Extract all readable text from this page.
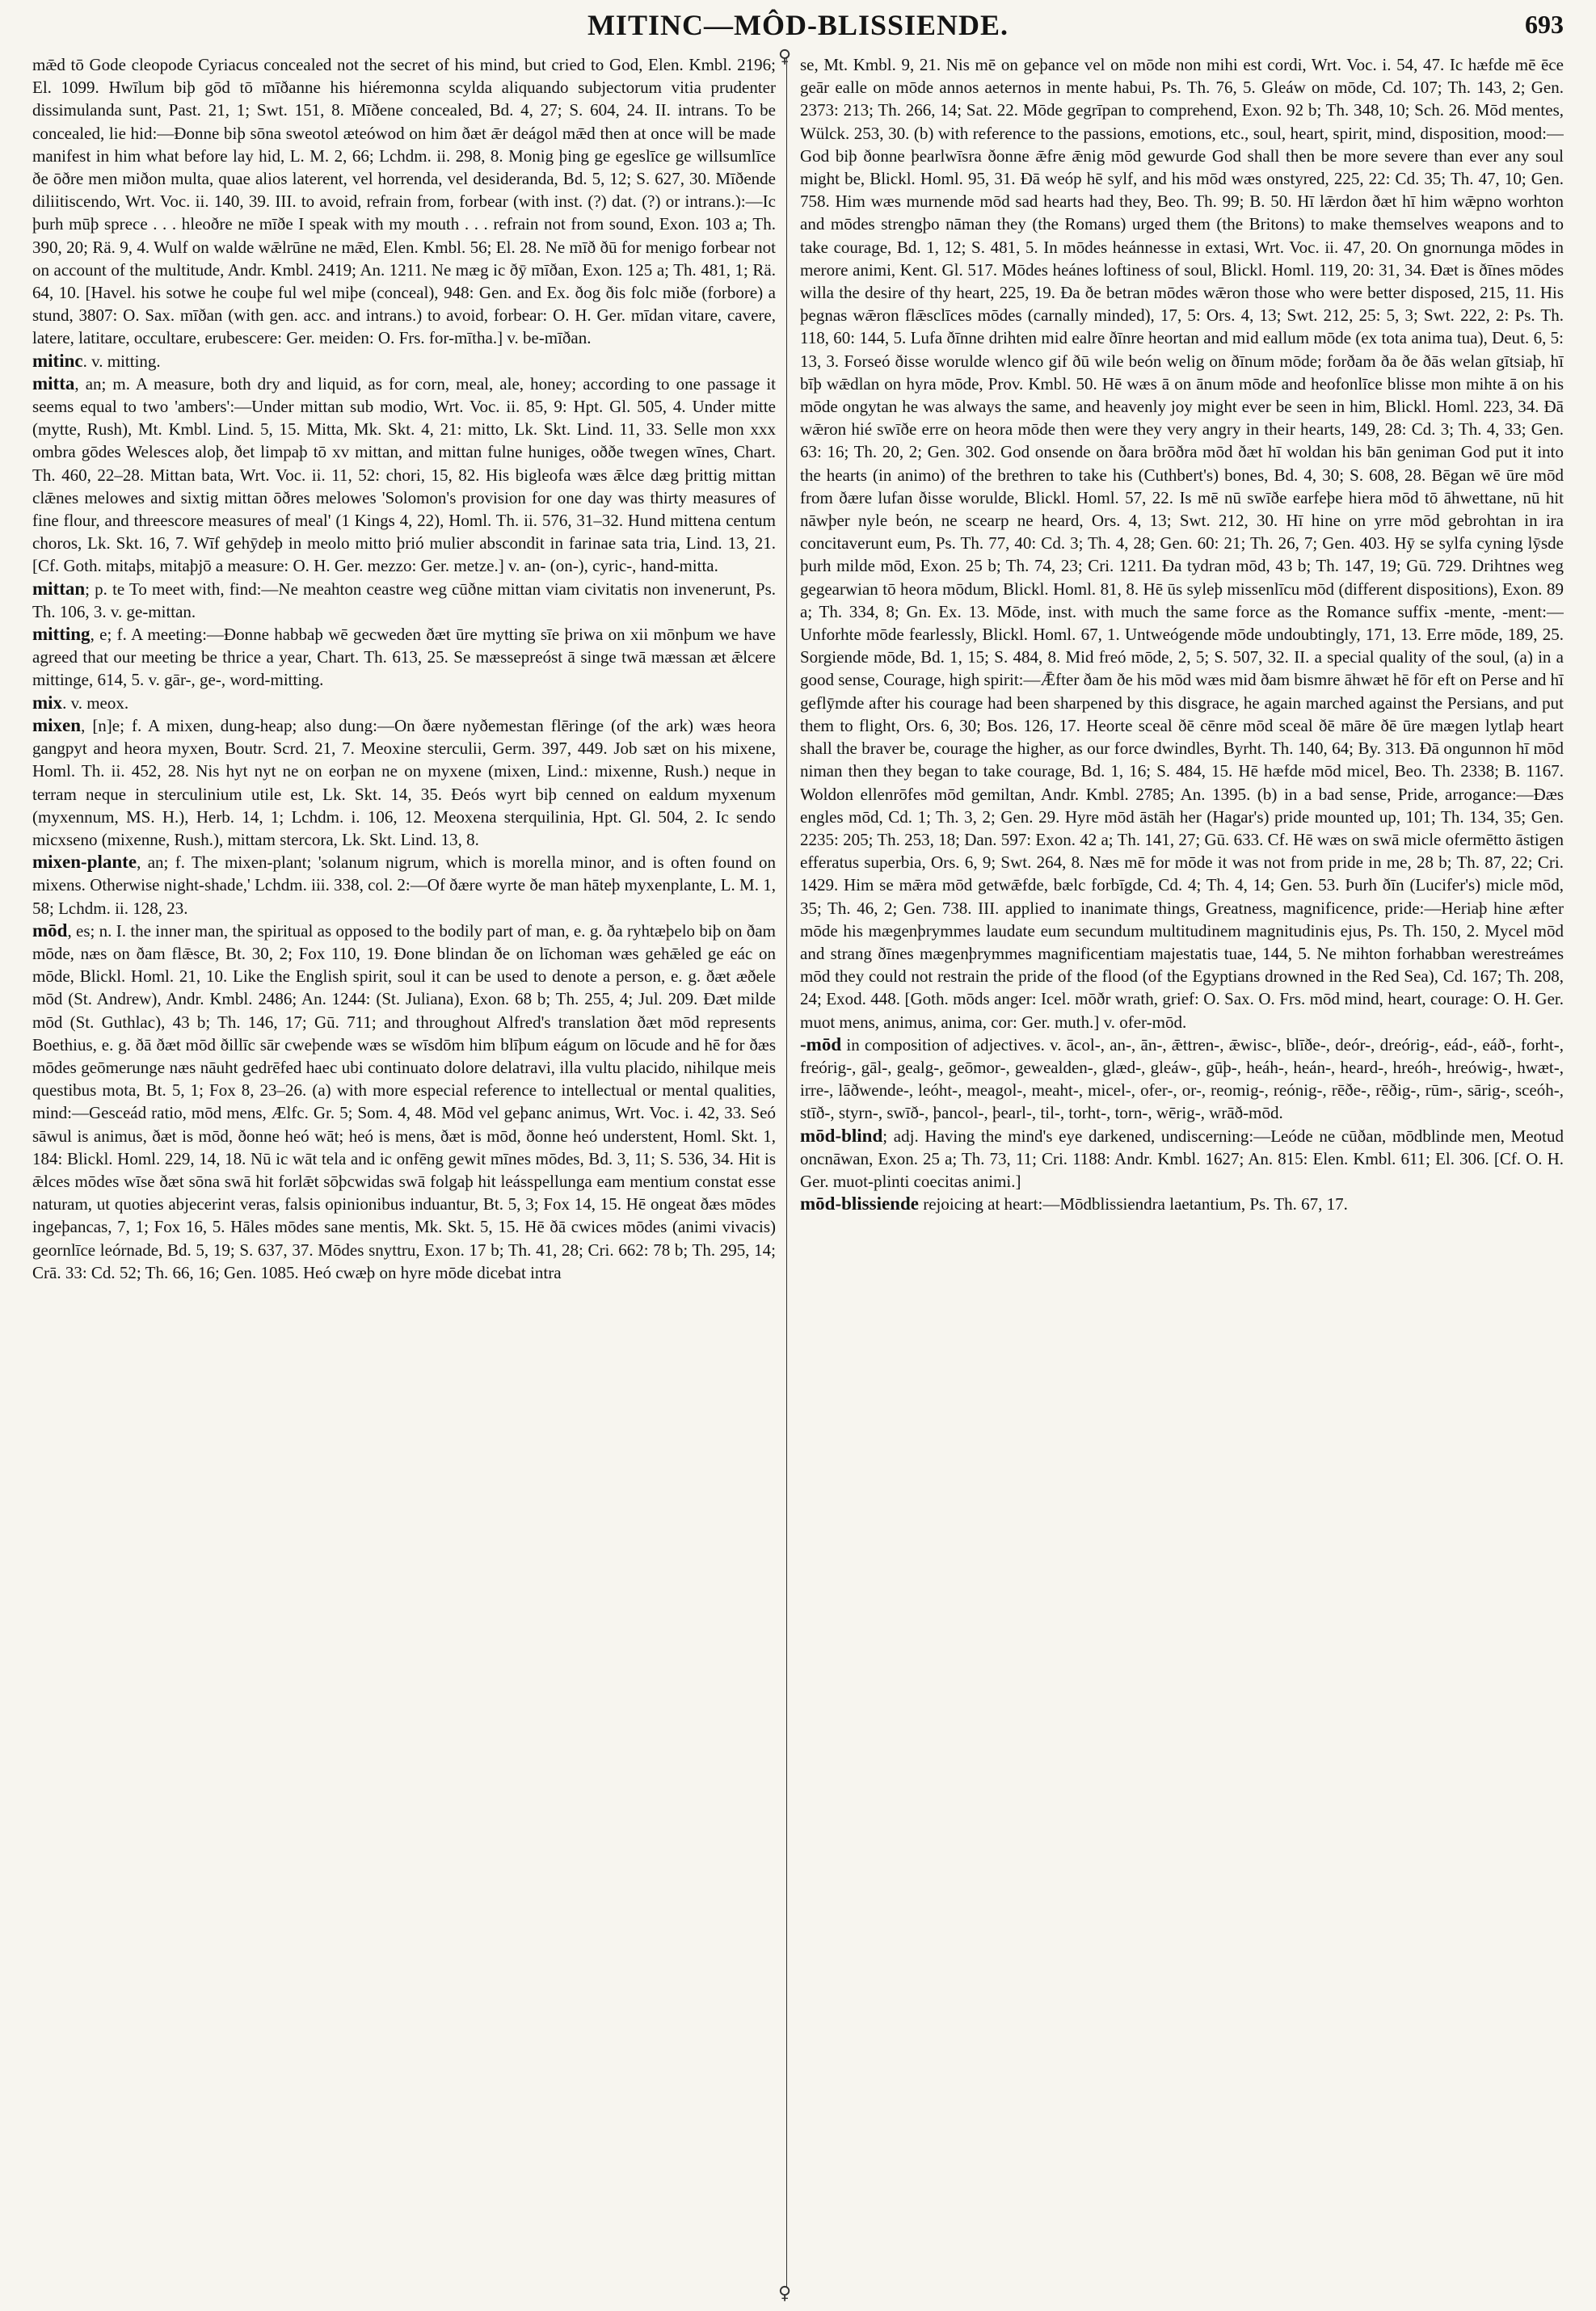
MITINC—MÔD-BLISSIENDE.	693
♀
♀

mǣd tō Gode cleopode Cyriacus concealed not the secret of his mind, but cried to God, Elen. Kmbl. 2196; El. 1099. Hwīlum biþ gōd tō mīðanne his hiéremonna scylda aliquando subjectorum vitia prudenter dissimulanda sunt, Past. 21, 1; Swt. 151, 8. Mīðene concealed, Bd. 4, 27; S. 604, 24. II. intrans. To be concealed, lie hid:—Ðonne biþ sōna sweotol æteówod on him ðæt ǣr deágol mǣd then at once will be made manifest in him what before lay hid, L. M. 2, 66; Lchdm. ii. 298, 8. Monig þing ge egeslīce ge willsumlīce ðe ōðre men miðon multa, quae alios laterent, vel horrenda, vel desideranda, Bd. 5, 12; S. 627, 30. Mīðende diliitiscendo, Wrt. Voc. ii. 140, 39. III. to avoid, refrain from, forbear (with inst. (?) dat. (?) or intrans.):—Ic þurh mūþ sprece . . . hleoðre ne mīðe I speak with my mouth . . . refrain not from sound, Exon. 103 a; Th. 390, 20; Rä. 9, 4. Wulf on walde wǣlrūne ne mǣd, Elen. Kmbl. 56; El. 28. Ne mīð ðū for menigo forbear not on account of the multitude, Andr. Kmbl. 2419; An. 1211. Ne mæg ic ðȳ mīðan, Exon. 125 a; Th. 481, 1; Rä. 64, 10. [Havel. his sotwe he couþe ful wel miþe (conceal), 948: Gen. and Ex. ðog ðis folc miðe (forbore) a stund, 3807: O. Sax. mīðan (with gen. acc. and intrans.) to avoid, forbear: O. H. Ger. mīdan vitare, cavere, latere, latitare, occultare, erubescere: Ger. meiden: O. Frs. for-mītha.] v. be-mīðan.

mitinc. v. mitting.

mitta, an; m. A measure, both dry and liquid, as for corn, meal, ale, honey; according to one passage it seems equal to two 'ambers':—Under mittan sub modio, Wrt. Voc. ii. 85, 9: Hpt. Gl. 505, 4. Under mitte (mytte, Rush), Mt. Kmbl. Lind. 5, 15. Mitta, Mk. Skt. 4, 21: mitto, Lk. Skt. Lind. 11, 33. Selle mon xxx ombra gōdes Welesces aloþ, ðet limpaþ tō xv mittan, and mittan fulne huniges, oððe twegen wīnes, Chart. Th. 460, 22–28. Mittan bata, Wrt. Voc. ii. 11, 52: chori, 15, 82. His bigleofa wæs ǣlce dæg þrittig mittan clǣnes melowes and sixtig mittan ōðres melowes 'Solomon's provision for one day was thirty measures of fine flour, and threescore measures of meal' (1 Kings 4, 22), Homl. Th. ii. 576, 31–32. Hund mittena centum choros, Lk. Skt. 16, 7. Wīf gehȳdeþ in meolo mitto þrió mulier abscondit in farinae sata tria, Lind. 13, 21. [Cf. Goth. mitaþs, mitaþjō a measure: O. H. Ger. mezzo: Ger. metze.] v. an- (on-), cyric-, hand-mitta.

mittan; p. te To meet with, find:—Ne meahton ceastre weg cūðne mittan viam civitatis non invenerunt, Ps. Th. 106, 3. v. ge-mittan.

mitting, e; f. A meeting:—Ðonne habbaþ wē gecweden ðæt ūre mytting sīe þriwa on xii mōnþum we have agreed that our meeting be thrice a year, Chart. Th. 613, 25. Se mæssepreóst ā singe twā mæssan æt ǣlcere mittinge, 614, 5. v. gār-, ge-, word-mitting.

mix. v. meox.

mixen, [n]e; f. A mixen, dung-heap; also dung:—On ðære nyðemestan flēringe (of the ark) wæs heora gangpyt and heora myxen, Boutr. Scrd. 21, 7. Meoxine sterculii, Germ. 397, 449. Job sæt on his mixene, Homl. Th. ii. 452, 28. Nis hyt nyt ne on eorþan ne on myxene (mixen, Lind.: mixenne, Rush.) neque in terram neque in sterculinium utile est, Lk. Skt. 14, 35. Ðeós wyrt biþ cenned on ealdum myxenum (myxennum, MS. H.), Herb. 14, 1; Lchdm. i. 106, 12. Meoxena sterquilinia, Hpt. Gl. 504, 2. Ic sendo micxseno (mixenne, Rush.), mittam stercora, Lk. Skt. Lind. 13, 8.

mixen-plante, an; f. The mixen-plant; 'solanum nigrum, which is morella minor, and is often found on mixens. Otherwise night-shade,' Lchdm. iii. 338, col. 2:—Of ðære wyrte ðe man hāteþ myxenplante, L. M. 1, 58; Lchdm. ii. 128, 23.

mōd, es; n. I. the inner man, the spiritual as opposed to the bodily part of man, e. g. ða ryhtæþelo biþ on ðam mōde, næs on ðam flǣsce, Bt. 30, 2; Fox 110, 19. Ðone blindan ðe on līchoman wæs gehǣled ge eác on mōde, Blickl. Homl. 21, 10. Like the English spirit, soul it can be used to denote a person, e. g. ðæt æðele mōd (St. Andrew), Andr. Kmbl. 2486; An. 1244: (St. Juliana), Exon. 68 b; Th. 255, 4; Jul. 209. Ðæt milde mōd (St. Guthlac), 43 b; Th. 146, 17; Gū. 711; and throughout Alfred's translation ðæt mōd represents Boethius, e. g. ðā ðæt mōd ðillīc sār cweþende wæs se wīsdōm him blīþum eágum on lōcude and hē for ðæs mōdes geōmerunge næs nāuht gedrēfed haec ubi continuato dolore delatravi, illa vultu placido, nihilque meis questibus mota, Bt. 5, 1; Fox 8, 23–26. (a) with more especial reference to intellectual or mental qualities, mind:—Gesceád ratio, mōd mens, Ælfc. Gr. 5; Som. 4, 48. Mōd vel geþanc animus, Wrt. Voc. i. 42, 33. Seó sāwul is animus, ðæt is mōd, ðonne heó wāt; heó is mens, ðæt is mōd, ðonne heó understent, Homl. Skt. 1, 184: Blickl. Homl. 229, 14, 18. Nū ic wāt tela and ic onfēng gewit mīnes mōdes, Bd. 3, 11; S. 536, 34. Hit is ǣlces mōdes wīse ðæt sōna swā hit forlǣt sōþcwidas swā folgaþ hit leásspellunga eam mentium constat esse naturam, ut quoties abjecerint veras, falsis opinionibus induantur, Bt. 5, 3; Fox 14, 15. Hē ongeat ðæs mōdes ingeþancas, 7, 1; Fox 16, 5. Hāles mōdes sane mentis, Mk. Skt. 5, 15. Hē ðā cwices mōdes (animi vivacis) geornlīce leórnade, Bd. 5, 19; S. 637, 37. Mōdes snyttru, Exon. 17 b; Th. 41, 28; Cri. 662: 78 b; Th. 295, 14; Crā. 33: Cd. 52; Th. 66, 16; Gen. 1085. Heó cwæþ on hyre mōde dicebat intra

se, Mt. Kmbl. 9, 21. Nis mē on geþance vel on mōde non mihi est cordi, Wrt. Voc. i. 54, 47. Ic hæfde mē ēce geār ealle on mōde annos aeternos in mente habui, Ps. Th. 76, 5. Gleáw on mōde, Cd. 107; Th. 143, 2; Gen. 2373: 213; Th. 266, 14; Sat. 22. Mōde gegrīpan to comprehend, Exon. 92 b; Th. 348, 10; Sch. 26. Mōd mentes, Wülck. 253, 30. (b) with reference to the passions, emotions, etc., soul, heart, spirit, mind, disposition, mood:—God biþ ðonne þearlwīsra ðonne ǣfre ǣnig mōd gewurde God shall then be more severe than ever any soul might be, Blickl. Homl. 95, 31. Ðā weóp hē sylf, and his mōd wæs onstyred, 225, 22: Cd. 35; Th. 47, 10; Gen. 758. Him wæs murnende mōd sad hearts had they, Beo. Th. 99; B. 50. Hī lǣrdon ðæt hī him wǣpno worhton and mōdes strengþo nāman they (the Romans) urged them (the Britons) to make themselves weapons and to take courage, Bd. 1, 12; S. 481, 5. In mōdes heánnesse in extasi, Wrt. Voc. ii. 47, 20. On gnornunga mōdes in merore animi, Kent. Gl. 517. Mōdes heánes loftiness of soul, Blickl. Homl. 119, 20: 31, 34. Ðæt is ðīnes mōdes willa the desire of thy heart, 225, 19. Ða ðe betran mōdes wǣron those who were better disposed, 215, 11. His þegnas wǣron flǣsclīces mōdes (carnally minded), 17, 5: Ors. 4, 13; Swt. 212, 25: 5, 3; Swt. 222, 2: Ps. Th. 118, 60: 144, 5. Lufa ðīnne drihten mid ealre ðīnre heortan and mid eallum mōde (ex tota anima tua), Deut. 6, 5: 13, 3. Forseó ðisse worulde wlenco gif ðū wile beón welig on ðīnum mōde; forðam ða ðe ðās welan gītsiaþ, hī bīþ wǣdlan on hyra mōde, Prov. Kmbl. 50. Hē wæs ā on ānum mōde and heofonlīce blisse mon mihte ā on his mōde ongytan he was always the same, and heavenly joy might ever be seen in him, Blickl. Homl. 223, 34. Ðā wǣron hié swīðe erre on heora mōde then were they very angry in their hearts, 149, 28: Cd. 3; Th. 4, 33; Gen. 63: 16; Th. 20, 2; Gen. 302. God onsende on ðara brōðra mōd ðæt hī woldan his bān geniman God put it into the hearts (in animo) of the brethren to take his (Cuthbert's) bones, Bd. 4, 30; S. 608, 28. Bēgan wē ūre mōd from ðære lufan ðisse woruldе, Blickl. Homl. 57, 22. Is mē nū swīðe earfeþe hiera mōd tō āhwettane, nū hit nāwþer nyle beón, ne scearp ne heard, Ors. 4, 13; Swt. 212, 30. Hī hine on yrre mōd gebrohtan in ira concitaverunt eum, Ps. Th. 77, 40: Cd. 3; Th. 4, 28; Gen. 60: 21; Th. 26, 7; Gen. 403. Hȳ se sylfa cyning lȳsde þurh milde mōd, Exon. 25 b; Th. 74, 23; Cri. 1211. Ða tydran mōd, 43 b; Th. 147, 19; Gū. 729. Drihtnes weg gegearwian tō heora mōdum, Blickl. Homl. 81, 8. Hē ūs syleþ missenlīcu mōd (different dispositions), Exon. 89 a; Th. 334, 8; Gn. Ex. 13. Mōde, inst. with much the same force as the Romance suffix -mente, -ment:—Unforhte mōde fearlessly, Blickl. Homl. 67, 1. Untweógende mōde undoubtingly, 171, 13. Erre mōde, 189, 25. Sorgiende mōde, Bd. 1, 15; S. 484, 8. Mid freó mōde, 2, 5; S. 507, 32. II. a special quality of the soul, (a) in a good sense, Courage, high spirit:—Ǣfter ðam ðe his mōd wæs mid ðam bismre āhwæt hē fōr eft on Perse and hī geflȳmde after his courage had been sharpened by this disgrace, he again marched against the Persians, and put them to flight, Ors. 6, 30; Bos. 126, 17. Heorte sceal ðē cēnre mōd sceal ðē māre ðē ūre mægen lytlaþ heart shall the braver be, courage the higher, as our force dwindles, Byrht. Th. 140, 64; By. 313. Ðā ongunnon hī mōd niman then they began to take courage, Bd. 1, 16; S. 484, 15. Hē hæfde mōd micel, Beo. Th. 2338; B. 1167. Woldon ellenrōfes mōd gemiltan, Andr. Kmbl. 2785; An. 1395. (b) in a bad sense, Pride, arrogance:—Ðæs engles mōd, Cd. 1; Th. 3, 2; Gen. 29. Hyre mōd āstāh her (Hagar's) pride mounted up, 101; Th. 134, 35; Gen. 2235: 205; Th. 253, 18; Dan. 597: Exon. 42 a; Th. 141, 27; Gū. 633. Cf. Hē wæs on swā micle ofermētto āstigen efferatus superbia, Ors. 6, 9; Swt. 264, 8. Næs mē for mōde it was not from pride in me, 28 b; Th. 87, 22; Cri. 1429. Him se mǣra mōd getwǣfde, bælc forbīgde, Cd. 4; Th. 4, 14; Gen. 53. Þurh ðīn (Lucifer's) micle mōd, 35; Th. 46, 2; Gen. 738. III. applied to inanimate things, Greatness, magnificence, pride:—Heriaþ hine æfter mōde his mægenþrymmes laudate eum secundum multitudinem magnitudinis ejus, Ps. Th. 150, 2. Mycel mōd and strang ðīnes mægenþrymmes magnificentiam majestatis tuae, 144, 5. Ne mihton forhabban werestreámes mōd they could not restrain the pride of the flood (of the Egyptians drowned in the Red Sea), Cd. 167; Th. 208, 24; Exod. 448. [Goth. mōds anger: Icel. mōðr wrath, grief: O. Sax. O. Frs. mōd mind, heart, courage: O. H. Ger. muot mens, animus, anima, cor: Ger. muth.] v. ofer-mōd.

-mōd in composition of adjectives. v. ācol-, an-, ān-, ǣttren-, ǣwisc-, blīðe-, deór-, dreórig-, eád-, eáð-, forht-, freórig-, gāl-, gealg-, geōmor-, gewealden-, glæd-, gleáw-, gūþ-, heáh-, heán-, heard-, hreóh-, hreówig-, hwæt-, irre-, lāðwende-, leóht-, meagol-, meaht-, micel-, ofer-, or-, reomig-, reónig-, rēðe-, rēðig-, rūm-, sārig-, sceóh-, stīð-, styrn-, swīð-, þancol-, þearl-, til-, torht-, torn-, wērig-, wrāð-mōd.

mōd-blind; adj. Having the mind's eye darkened, undiscerning:—Leóde ne cūðan, mōdblinde men, Meotud oncnāwan, Exon. 25 a; Th. 73, 11; Cri. 1188: Andr. Kmbl. 1627; An. 815: Elen. Kmbl. 611; El. 306. [Cf. O. H. Ger. muot-plinti coecitas animi.]

mōd-blissiende rejoicing at heart:—Mōdblissiendra laetantium, Ps. Th. 67, 17.
